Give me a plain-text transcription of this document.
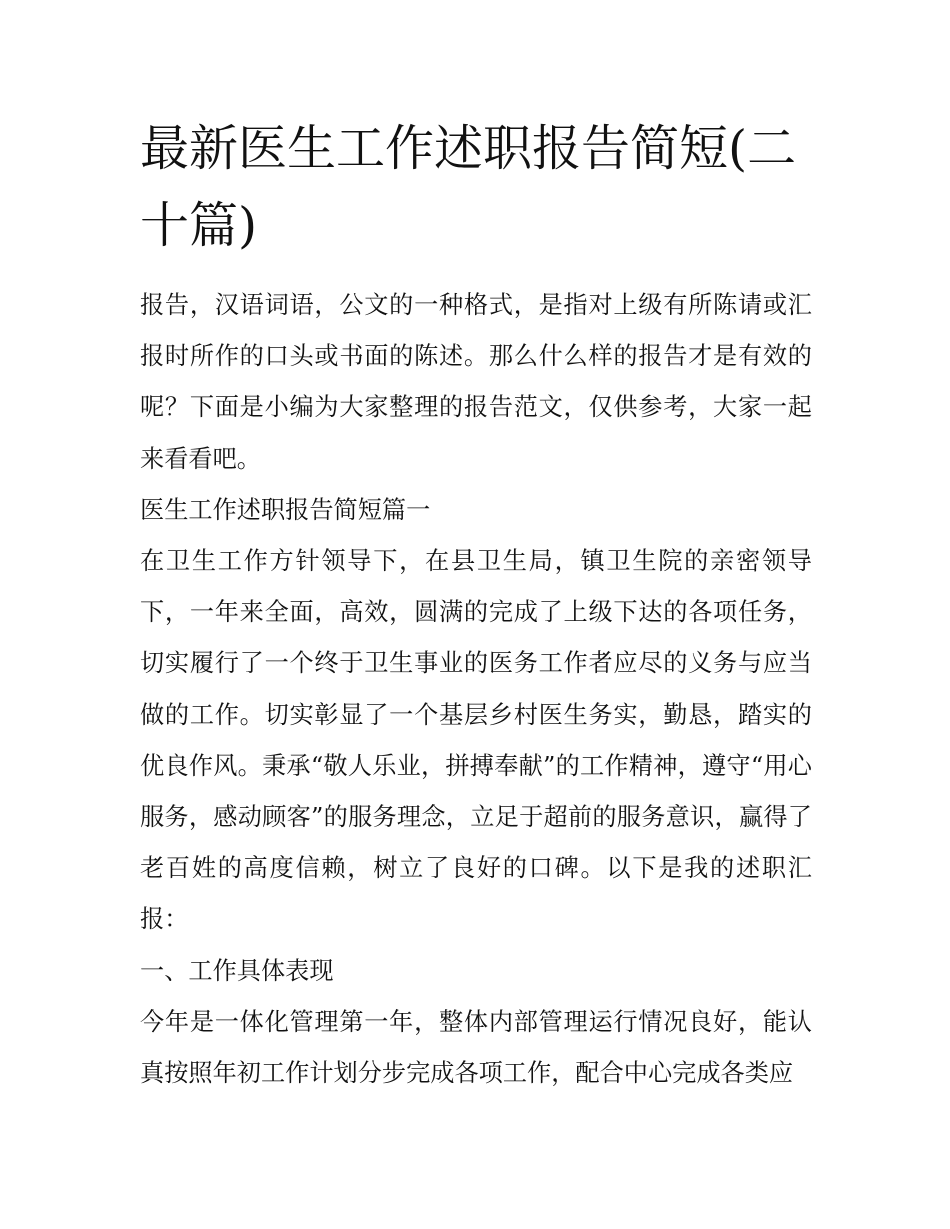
最新医生工作述职报告简短(二十篇)

报告，汉语词语，公文的一种格式，是指对上级有所陈请或汇报时所作的口头或书面的陈述。那么什么样的报告才是有效的呢？下面是小编为大家整理的报告范文，仅供参考，大家一起来看看吧。

医生工作述职报告简短篇一

在卫生工作方针领导下，在县卫生局，镇卫生院的亲密领导下，一年来全面，高效，圆满的完成了上级下达的各项任务，切实履行了一个终于卫生事业的医务工作者应尽的义务与应当做的工作。切实彰显了一个基层乡村医生务实，勤恳，踏实的优良作风。秉承“敬人乐业，拼搏奉献”的工作精神，遵守“用心服务，感动顾客”的服务理念，立足于超前的服务意识，赢得了老百姓的高度信赖，树立了良好的口碑。以下是我的述职汇报：

一、工作具体表现

今年是一体化管理第一年，整体内部管理运行情况良好，能认真按照年初工作计划分步完成各项工作，配合中心完成各类应
